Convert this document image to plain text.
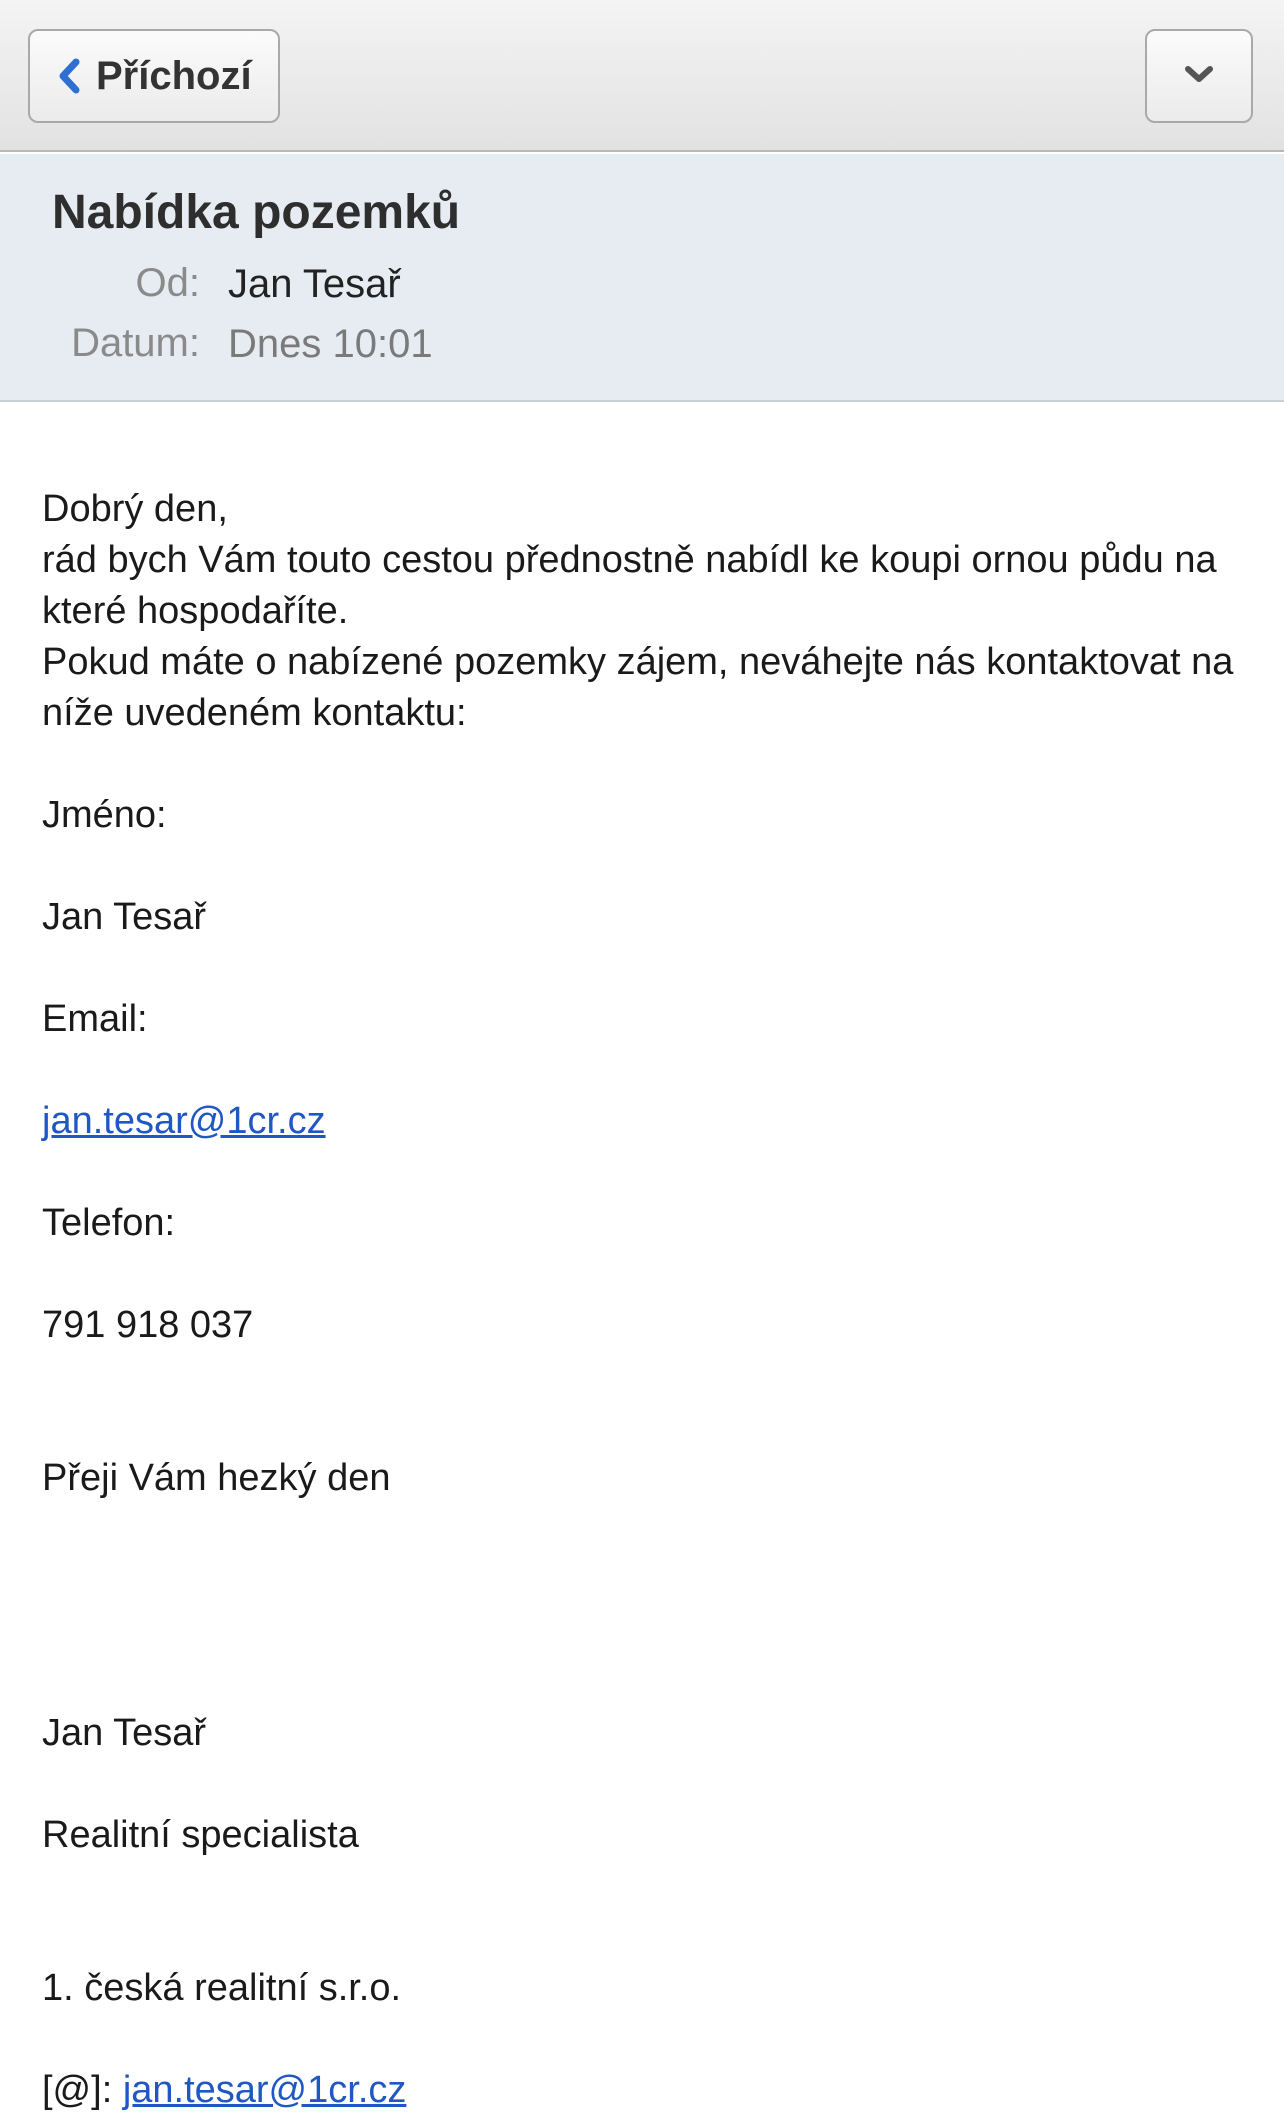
Příchozí
Nabídka pozemků
Od: Jan Tesař
Datum: Dnes 10:01

Dobrý den,

rád bych Vám touto cestou přednostně nabídl ke koupi ornou půdu na které hospodaříte.

Pokud máte o nabízené pozemky zájem, neváhejte nás kontaktovat na níže uvedeném kontaktu:

Jméno:

Jan Tesař

Email:

jan.tesar@1cr.cz

Telefon:

791 918 037

Přeji Vám hezký den

Jan Tesař

Realitní specialista

1. česká realitní s.r.o.

[@]: jan.tesar@1cr.cz
